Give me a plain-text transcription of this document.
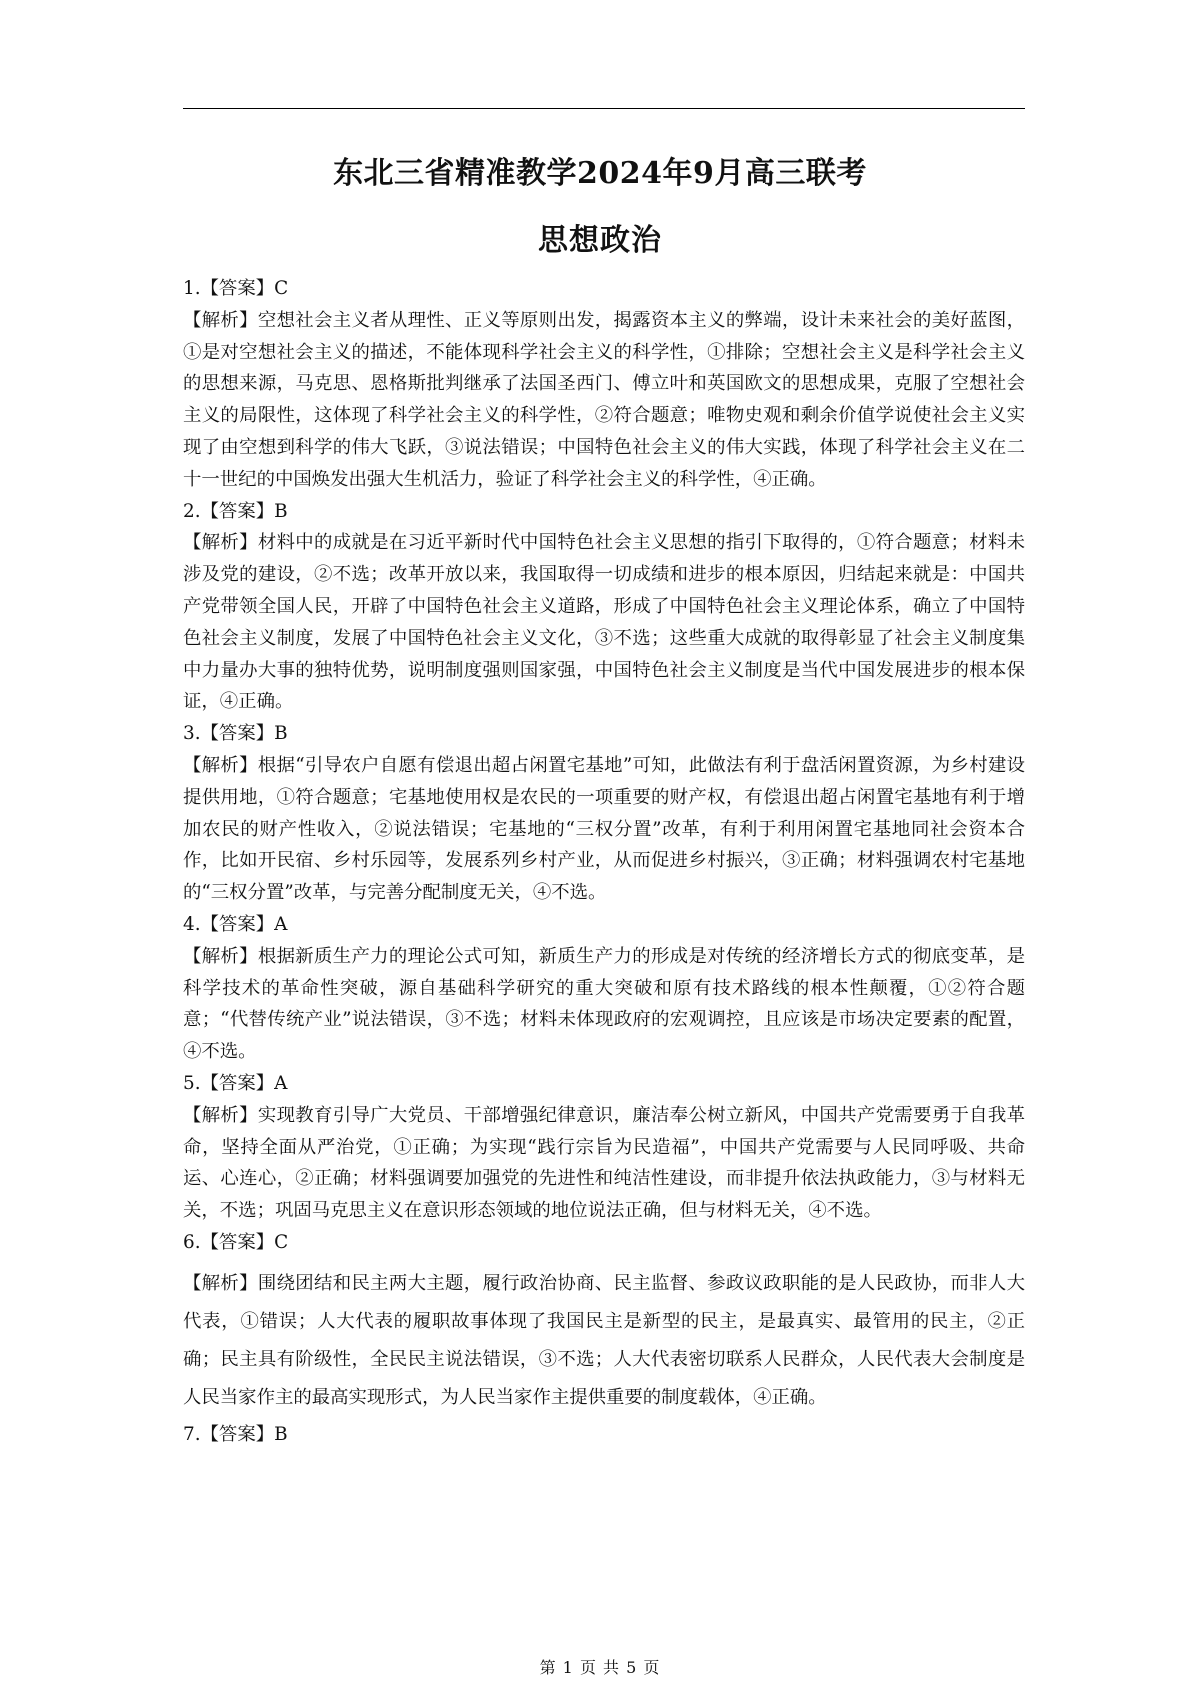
东北三省精准教学2024年9月高三联考
思想政治

1.【答案】C

【解析】空想社会主义者从理性、正义等原则出发，揭露资本主义的弊端，设计未来社会的美好蓝图，①是对空想社会主义的描述，不能体现科学社会主义的科学性，①排除；空想社会主义是科学社会主义的思想来源，马克思、恩格斯批判继承了法国圣西门、傅立叶和英国欧文的思想成果，克服了空想社会主义的局限性，这体现了科学社会主义的科学性，②符合题意；唯物史观和剩余价值学说使社会主义实现了由空想到科学的伟大飞跃，③说法错误；中国特色社会主义的伟大实践，体现了科学社会主义在二十一世纪的中国焕发出强大生机活力，验证了科学社会主义的科学性，④正确。

2.【答案】B

【解析】材料中的成就是在习近平新时代中国特色社会主义思想的指引下取得的，①符合题意；材料未涉及党的建设，②不选；改革开放以来，我国取得一切成绩和进步的根本原因，归结起来就是：中国共产党带领全国人民，开辟了中国特色社会主义道路，形成了中国特色社会主义理论体系，确立了中国特色社会主义制度，发展了中国特色社会主义文化，③不选；这些重大成就的取得彰显了社会主义制度集中力量办大事的独特优势，说明制度强则国家强，中国特色社会主义制度是当代中国发展进步的根本保证，④正确。

3.【答案】B

【解析】根据“引导农户自愿有偿退出超占闲置宅基地”可知，此做法有利于盘活闲置资源，为乡村建设提供用地，①符合题意；宅基地使用权是农民的一项重要的财产权，有偿退出超占闲置宅基地有利于增加农民的财产性收入，②说法错误；宅基地的“三权分置”改革，有利于利用闲置宅基地同社会资本合作，比如开民宿、乡村乐园等，发展系列乡村产业，从而促进乡村振兴，③正确；材料强调农村宅基地的“三权分置”改革，与完善分配制度无关，④不选。

4.【答案】A

【解析】根据新质生产力的理论公式可知，新质生产力的形成是对传统的经济增长方式的彻底变革，是科学技术的革命性突破，源自基础科学研究的重大突破和原有技术路线的根本性颠覆，①②符合题意；“代替传统产业”说法错误，③不选；材料未体现政府的宏观调控，且应该是市场决定要素的配置，④不选。

5.【答案】A

【解析】实现教育引导广大党员、干部增强纪律意识，廉洁奉公树立新风，中国共产党需要勇于自我革命，坚持全面从严治党，①正确；为实现“践行宗旨为民造福”，中国共产党需要与人民同呼吸、共命运、心连心，②正确；材料强调要加强党的先进性和纯洁性建设，而非提升依法执政能力，③与材料无关，不选；巩固马克思主义在意识形态领域的地位说法正确，但与材料无关，④不选。

6.【答案】C

【解析】围绕团结和民主两大主题，履行政治协商、民主监督、参政议政职能的是人民政协，而非人大代表，①错误；人大代表的履职故事体现了我国民主是新型的民主，是最真实、最管用的民主，②正确；民主具有阶级性，全民民主说法错误，③不选；人大代表密切联系人民群众，人民代表大会制度是人民当家作主的最高实现形式，为人民当家作主提供重要的制度载体，④正确。

7.【答案】B

第 1 页 共 5 页
